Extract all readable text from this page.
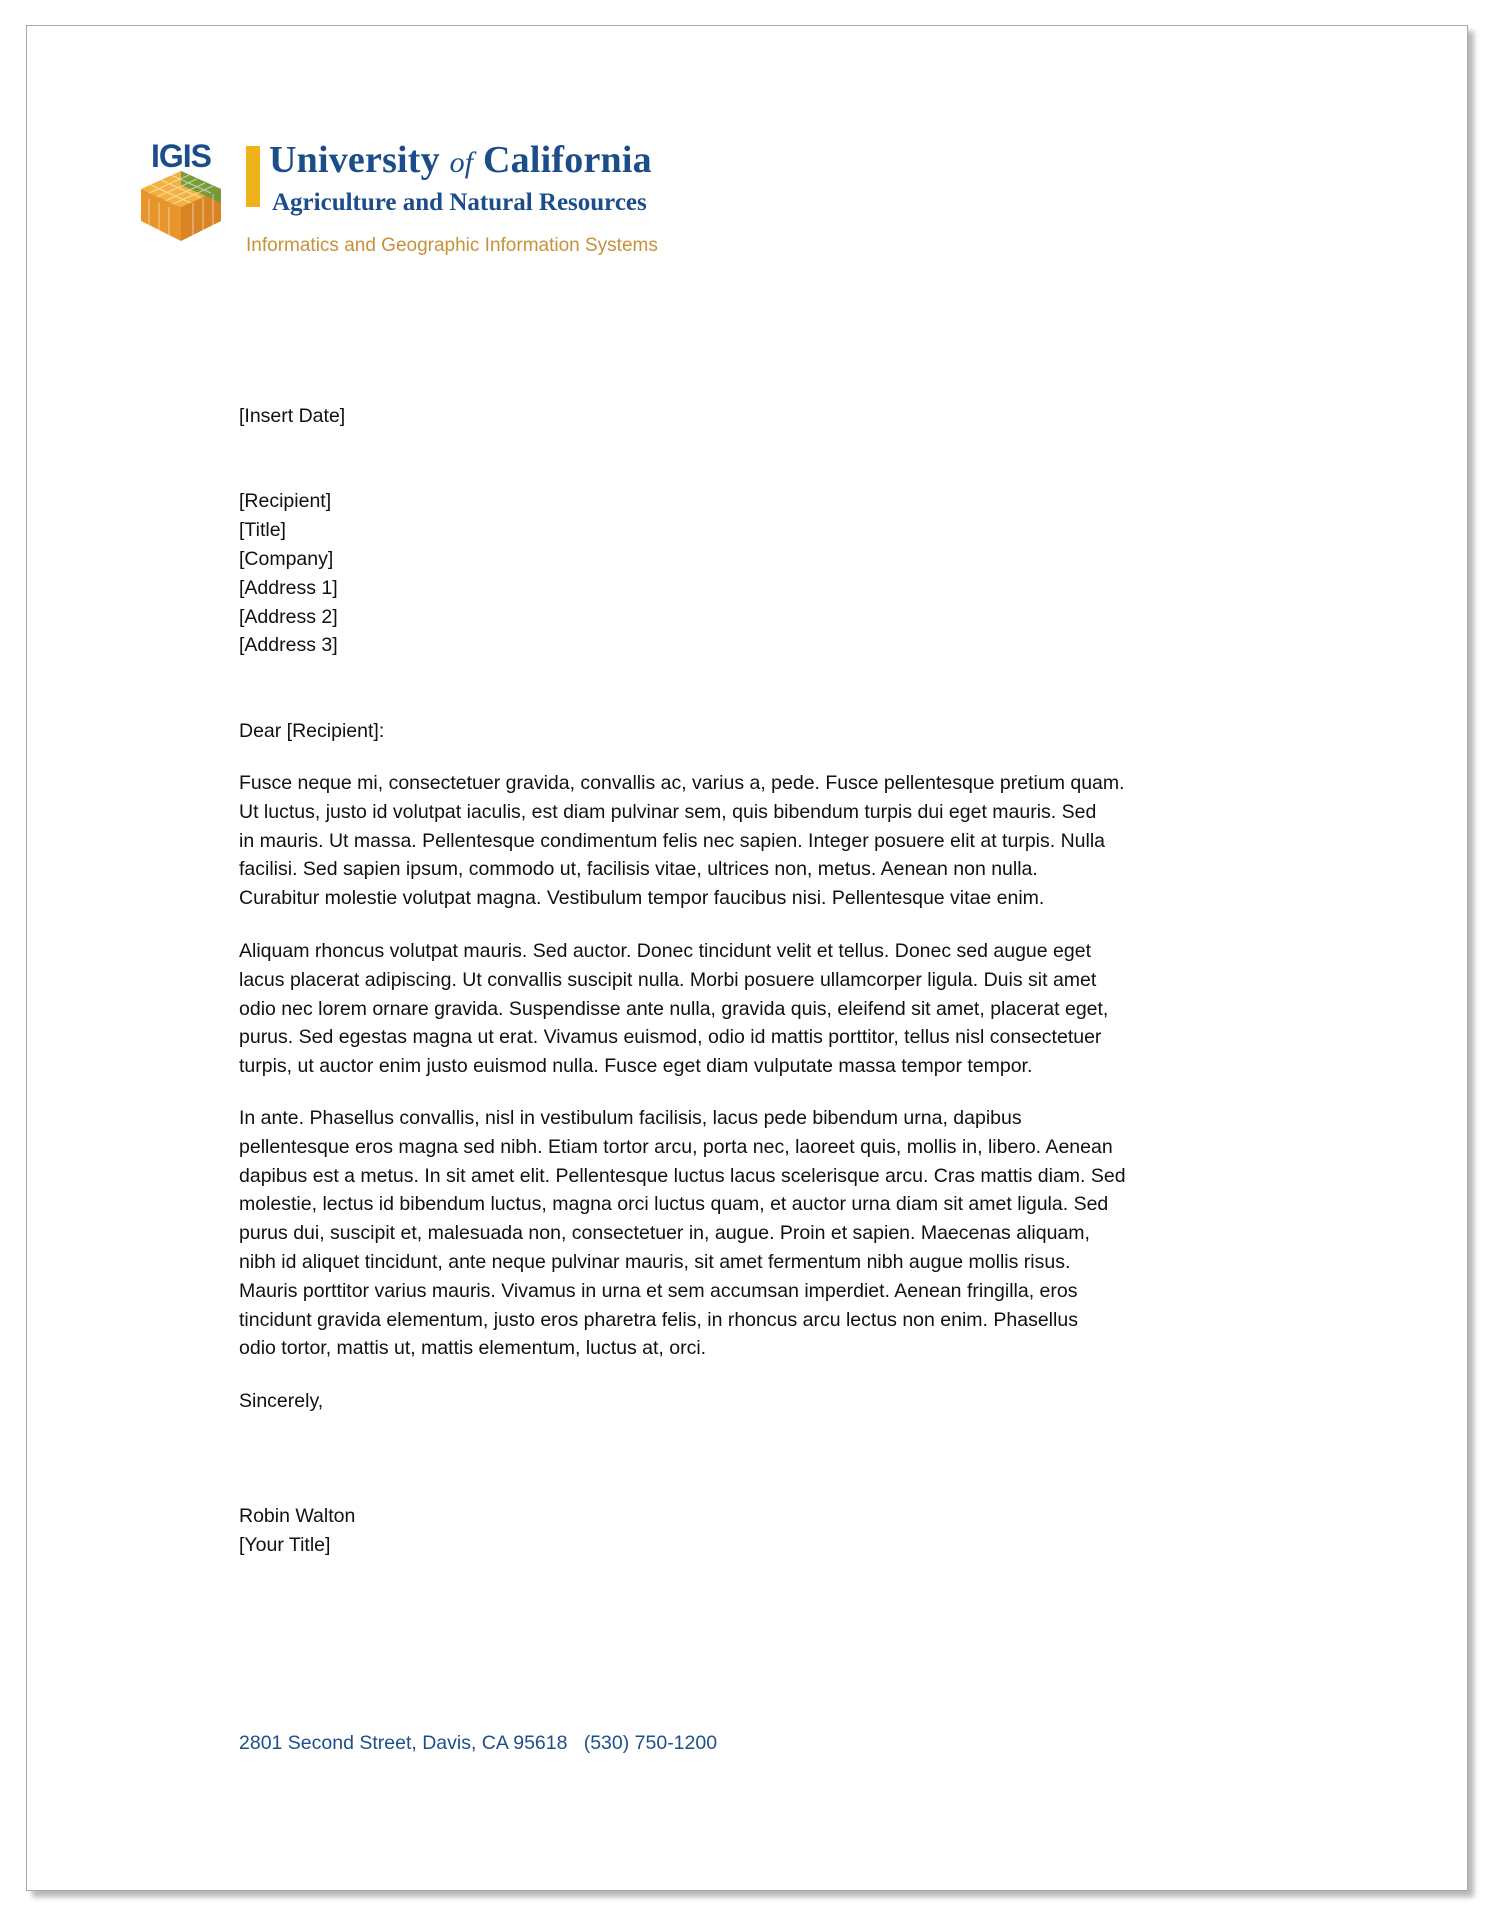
IGIS University of California
Agriculture and Natural Resources
Informatics and Geographic Information Systems
[Insert Date]
[Recipient]
[Title]
[Company]
[Address 1]
[Address 2]
[Address 3]
Dear [Recipient]:
Fusce neque mi, consectetuer gravida, convallis ac, varius a, pede. Fusce pellentesque pretium quam.
Ut luctus, justo id volutpat iaculis, est diam pulvinar sem, quis bibendum turpis dui eget mauris. Sed
in mauris. Ut massa. Pellentesque condimentum felis nec sapien. Integer posuere elit at turpis. Nulla
facilisi. Sed sapien ipsum, commodo ut, facilisis vitae, ultrices non, metus. Aenean non nulla.
Curabitur molestie volutpat magna. Vestibulum tempor faucibus nisi. Pellentesque vitae enim.
Aliquam rhoncus volutpat mauris. Sed auctor. Donec tincidunt velit et tellus. Donec sed augue eget
lacus placerat adipiscing. Ut convallis suscipit nulla. Morbi posuere ullamcorper ligula. Duis sit amet
odio nec lorem ornare gravida. Suspendisse ante nulla, gravida quis, eleifend sit amet, placerat eget,
purus. Sed egestas magna ut erat. Vivamus euismod, odio id mattis porttitor, tellus nisl consectetuer
turpis, ut auctor enim justo euismod nulla. Fusce eget diam vulputate massa tempor tempor.
In ante. Phasellus convallis, nisl in vestibulum facilisis, lacus pede bibendum urna, dapibus
pellentesque eros magna sed nibh. Etiam tortor arcu, porta nec, laoreet quis, mollis in, libero. Aenean
dapibus est a metus. In sit amet elit. Pellentesque luctus lacus scelerisque arcu. Cras mattis diam. Sed
molestie, lectus id bibendum luctus, magna orci luctus quam, et auctor urna diam sit amet ligula. Sed
purus dui, suscipit et, malesuada non, consectetuer in, augue. Proin et sapien. Maecenas aliquam,
nibh id aliquet tincidunt, ante neque pulvinar mauris, sit amet fermentum nibh augue mollis risus.
Mauris porttitor varius mauris. Vivamus in urna et sem accumsan imperdiet. Aenean fringilla, eros
tincidunt gravida elementum, justo eros pharetra felis, in rhoncus arcu lectus non enim. Phasellus
odio tortor, mattis ut, mattis elementum, luctus at, orci.
Sincerely,
Robin Walton
[Your Title]
2801 Second Street, Davis, CA 95618   (530) 750-1200
